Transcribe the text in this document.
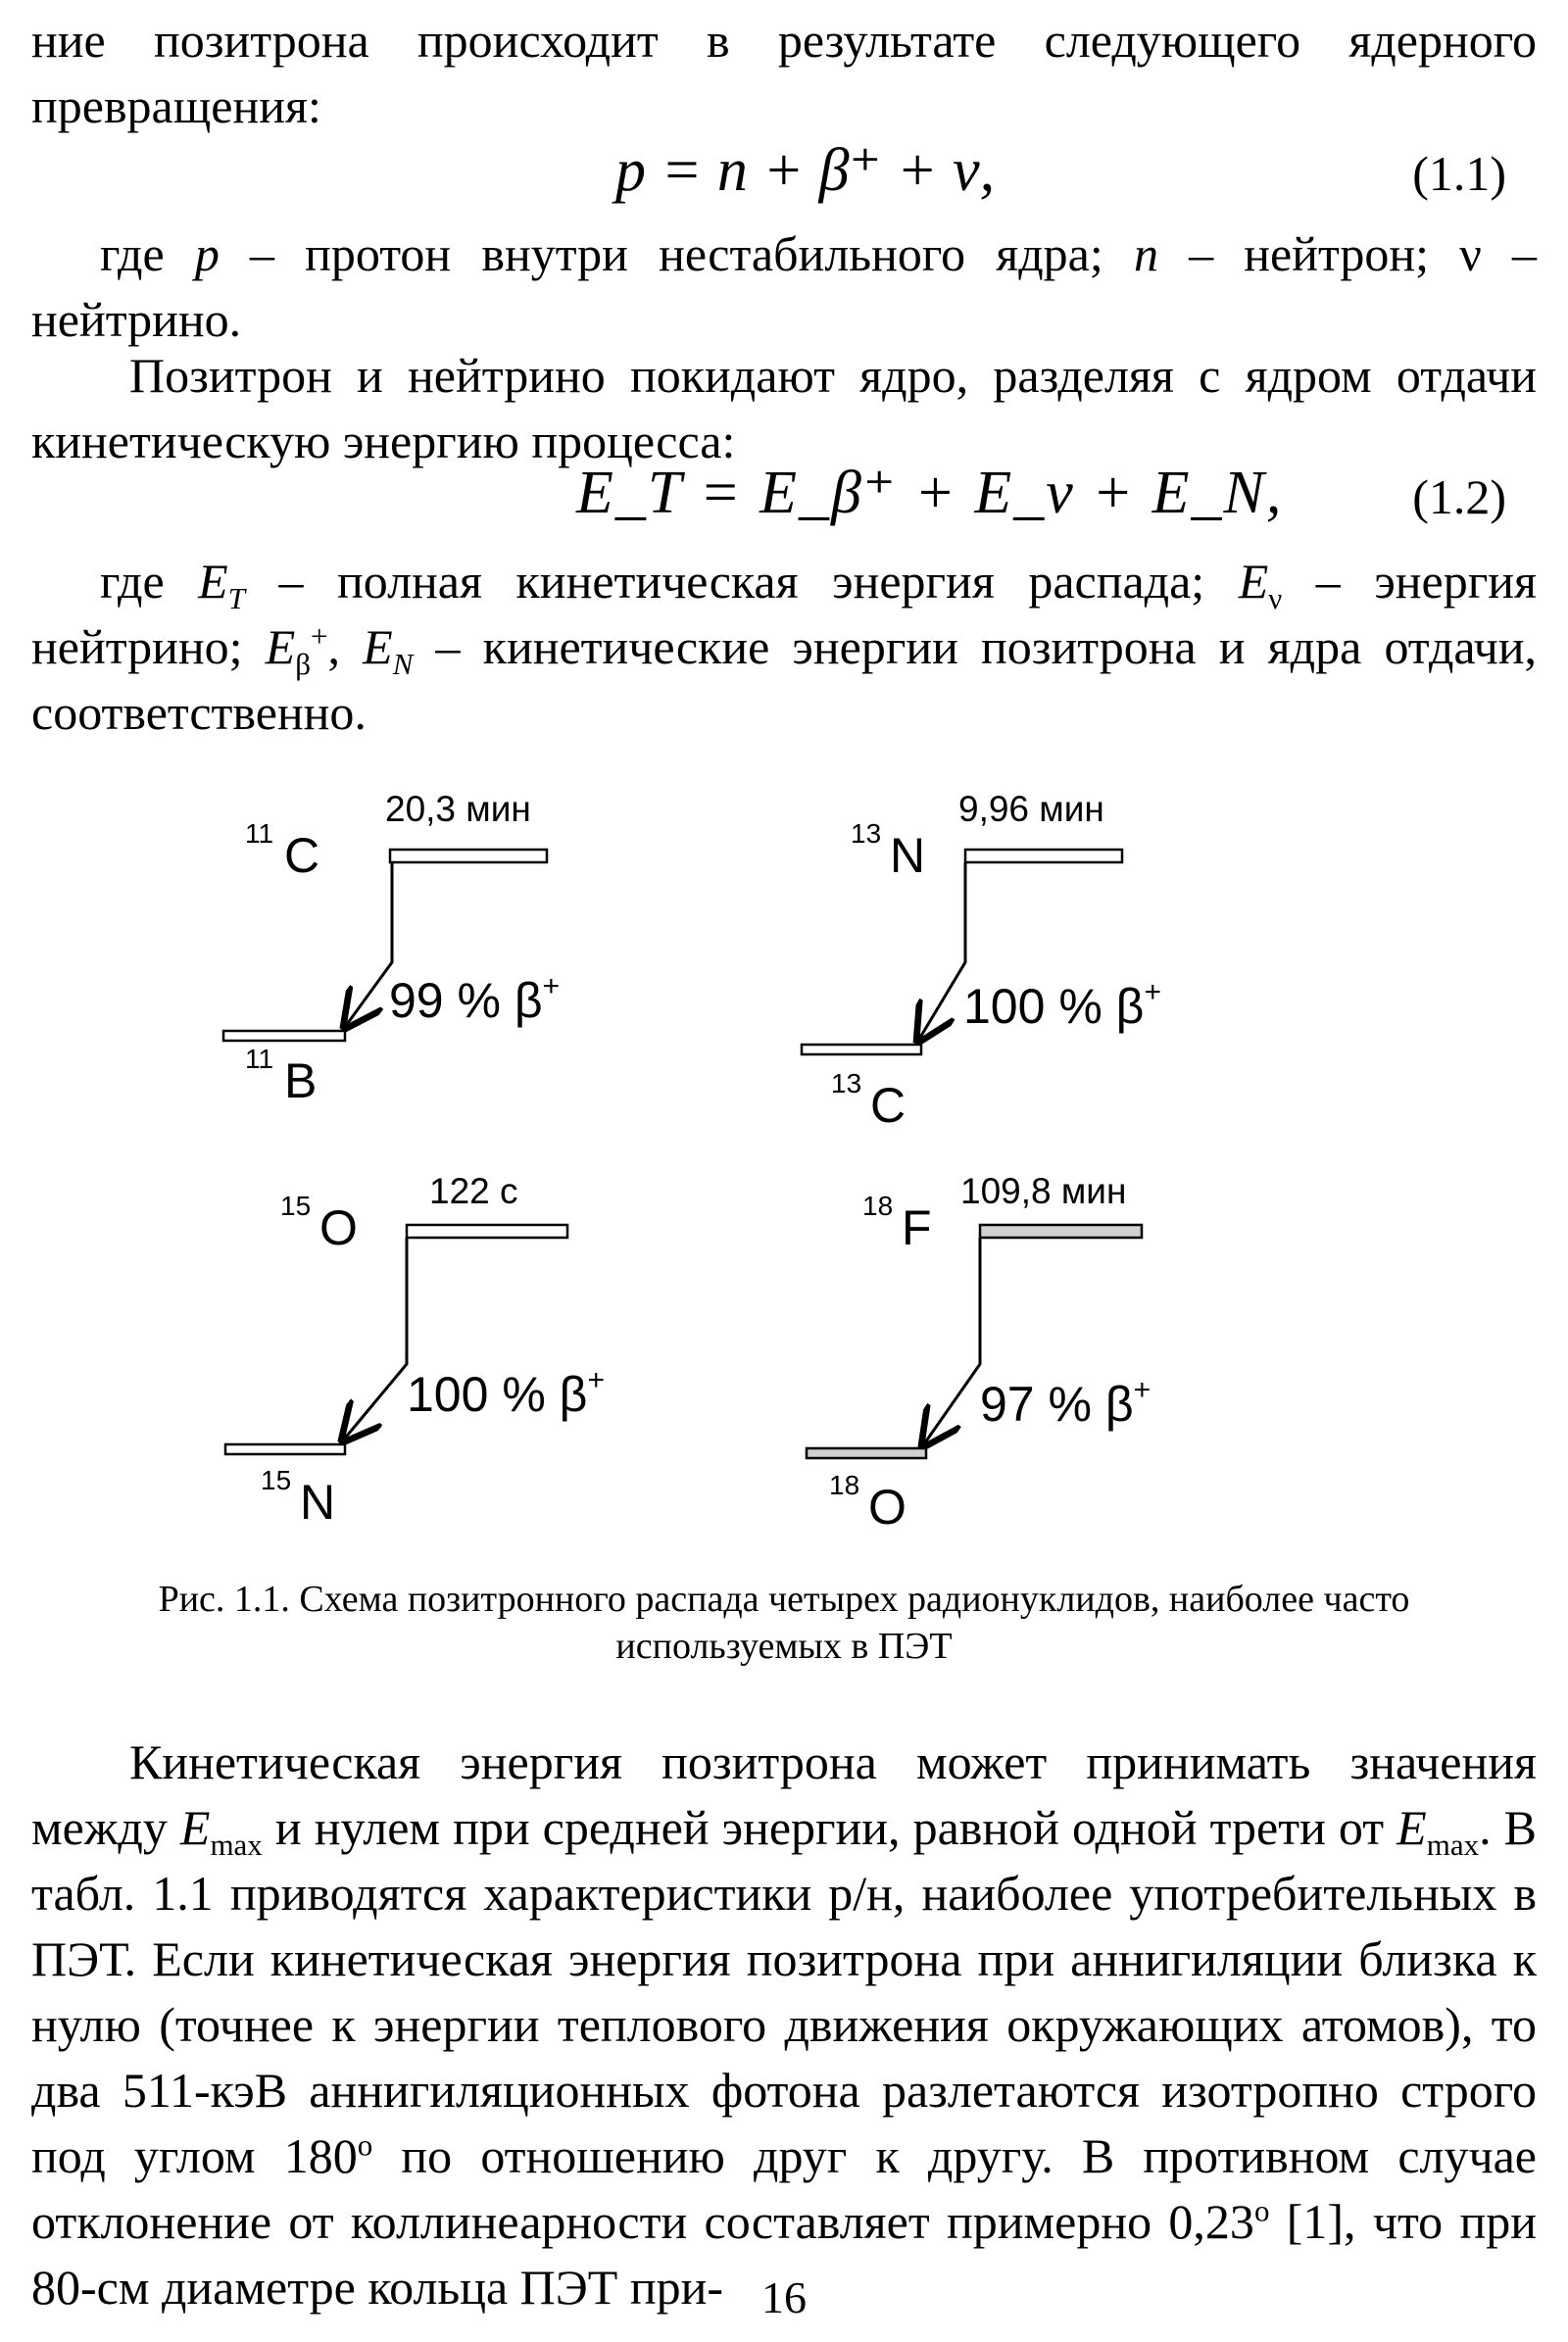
ние позитрона происходит в результате следующего ядерного превращения:

p = n + β⁺ + ν,	(1.1)

где p – протон внутри нестабильного ядра; n – нейтрон; ν – нейтрино.

Позитрон и нейтрино покидают ядро, разделяя с ядром отдачи кинетическую энергию процесса:

E_T = E_β⁺ + E_ν + E_N,	(1.2)

где $E_T$ – полная кинетическая энергия распада; $E_\nu$ – энергия нейтрино; $E_\beta^+$, $E_N$ – кинетические энергии позитрона и ядра отдачи, соответственно.

11 C
20,3 мин
99 % β+
11 B
13 N
9,96 мин
100 % β+
13 C
15 O
122 с
100 % β+
15 N
18 F
109,8 мин
97 % β+
18 O

Рис. 1.1. Схема позитронного распада четырех радионуклидов, наиболее часто используемых в ПЭТ

Кинетическая энергия позитрона может принимать значения между $E_{max}$ и нулем при средней энергии, равной одной трети от $E_{max}$. В табл. 1.1 приводятся характеристики р/н, наиболее употребительных в ПЭТ. Если кинетическая энергия позитрона при аннигиляции близка к нулю (точнее к энергии теплового движения окружающих атомов), то два 511-кэВ аннигиляционных фотона разлетаются изотропно строго под углом 180$^o$ по отношению друг к другу. В противном случае отклонение от коллинеарности составляет примерно 0,23$^o$ [1], что при 80-см диаметре кольца ПЭТ при- 16
